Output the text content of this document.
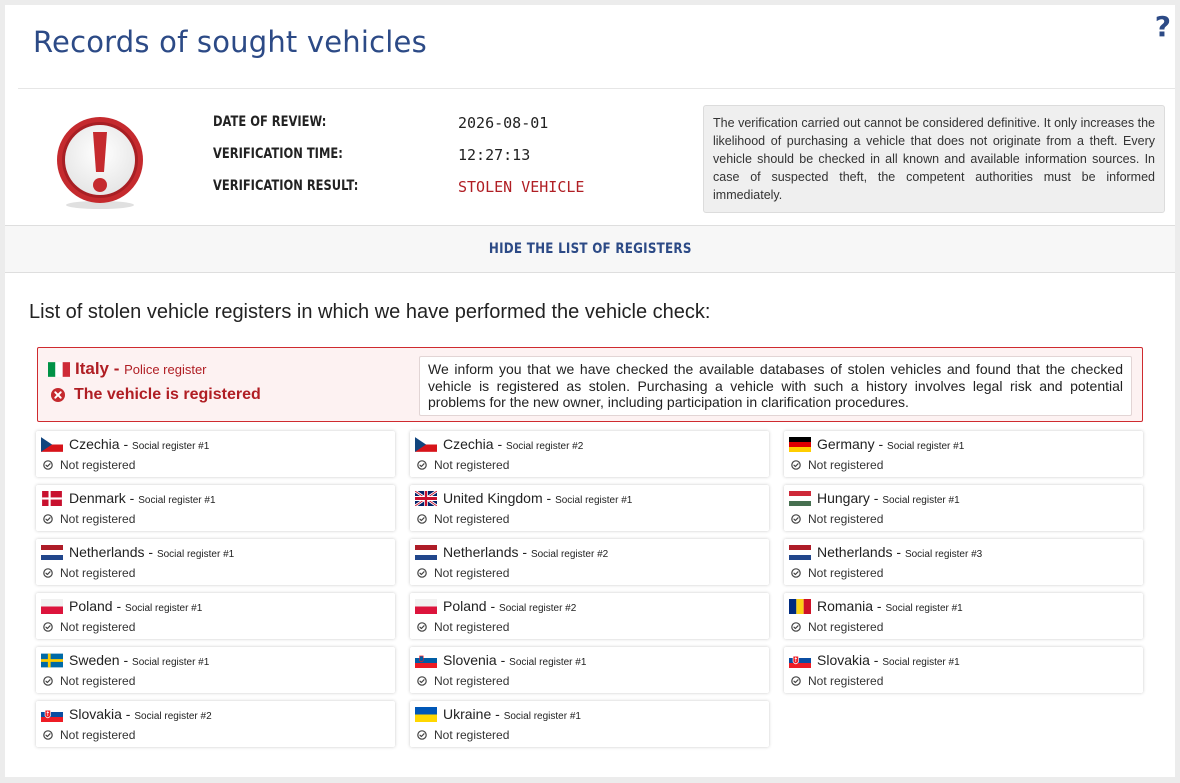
Records of sought vehicles	?
DATE OF REVIEW:	2026-08-01
VERIFICATION TIME:	12:27:13
VERIFICATION RESULT:	STOLEN VEHICLE
The verification carried out cannot be considered definitive. It only increases the likelihood of purchasing a vehicle that does not originate from a theft. Every vehicle should be checked in all known and available information sources. In case of suspected theft, the competent authorities must be informed immediately.
HIDE THE LIST OF REGISTERS
List of stolen vehicle registers in which we have performed the vehicle check:
Italy - Police register
The vehicle is registered
We inform you that we have checked the available databases of stolen vehicles and found that the checked vehicle is registered as stolen. Purchasing a vehicle with such a history involves legal risk and potential problems for the new owner, including participation in clarification procedures.
Czechia - Social register #1
Not registered
Czechia - Social register #2
Not registered
Germany - Social register #1
Not registered
Denmark - Social register #1
Not registered
United Kingdom - Social register #1
Not registered
Hungary - Social register #1
Not registered
Netherlands - Social register #1
Not registered
Netherlands - Social register #2
Not registered
Netherlands - Social register #3
Not registered
Poland - Social register #1
Not registered
Poland - Social register #2
Not registered
Romania - Social register #1
Not registered
Sweden - Social register #1
Not registered
Slovenia - Social register #1
Not registered
Slovakia - Social register #1
Not registered
Slovakia - Social register #2
Not registered
Ukraine - Social register #1
Not registered
